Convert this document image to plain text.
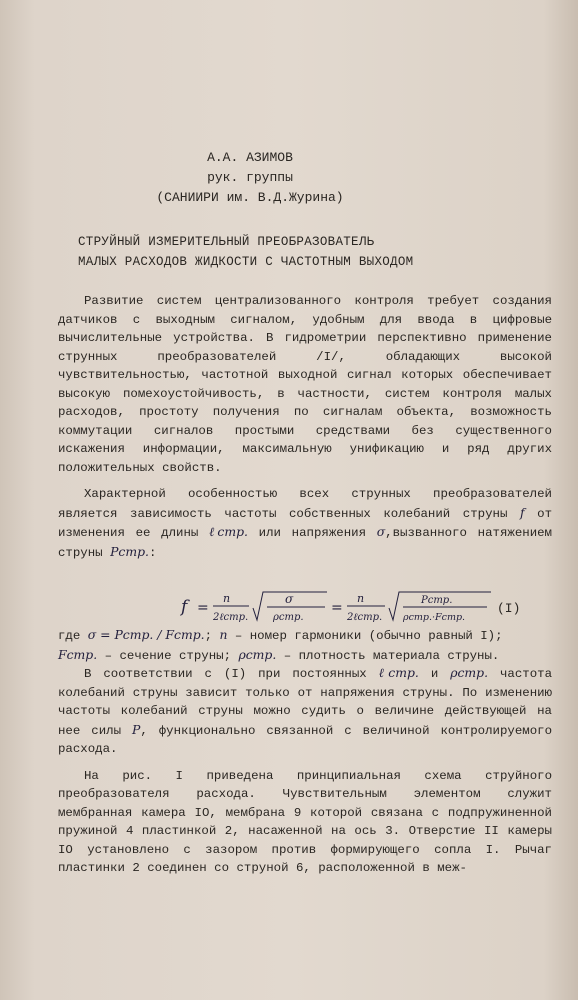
А.А. АЗИМОВ
рук. группы
(САНИИРИ им. В.Д.Журина)
СТРУЙНЫЙ ИЗМЕРИТЕЛЬНЫЙ ПРЕОБРАЗОВАТЕЛЬ
МАЛЫХ РАСХОДОВ ЖИДКОСТИ С ЧАСТОТНЫМ ВЫХОДОМ

Развитие систем централизованного контроля требует создания датчиков с выходным сигналом, удобным для ввода в цифровые вычислительные устройства. В гидрометрии перспективно применение струнных преобразователей /I/, обладающих высокой чувствительностью, частотной выходной сигнал которых обеспечивает высокую помехоустойчивость, в частности, систем контроля малых расходов, простоту получения по сигналам объекта, возможность коммутации сигналов простыми средствами без существенного искажения информации, максимальную унификацию и ряд других положительных свойств.

Характерной особенностью всех струнных преобразователей является зависимость частоты собственных колебаний струны f от изменения ее длины ℓстр. или напряжения σ,вызванного натяжением струны Pстр.:

f =
n
2ℓстр.
σ
ρстр.
=
n
2ℓстр.
Pстр.
ρстр.·Fстр.
(I)
где σ = Pстр. / Fстр.; n – номер гармоники (обычно равный I);
Fстр. – сечение струны; ρстр. – плотность материала струны.

В соответствии с (I) при постоянных ℓстр. и ρстр. частота колебаний струны зависит только от напряжения струны. По изменению частоты колебаний струны можно судить о величине действующей на нее силы P, функционально связанной с величиной контролируемого расхода.

На рис. I приведена принципиальная схема струйного преобразователя расхода. Чувствительным элементом служит мембранная камера IO, мембрана 9 которой связана с подпружиненной пружиной 4 пластинкой 2, насаженной на ось 3. Отверстие II камеры IO установлено с зазором против формирующего сопла I. Рычаг пластинки 2 соединен со струной 6, расположенной в меж-
